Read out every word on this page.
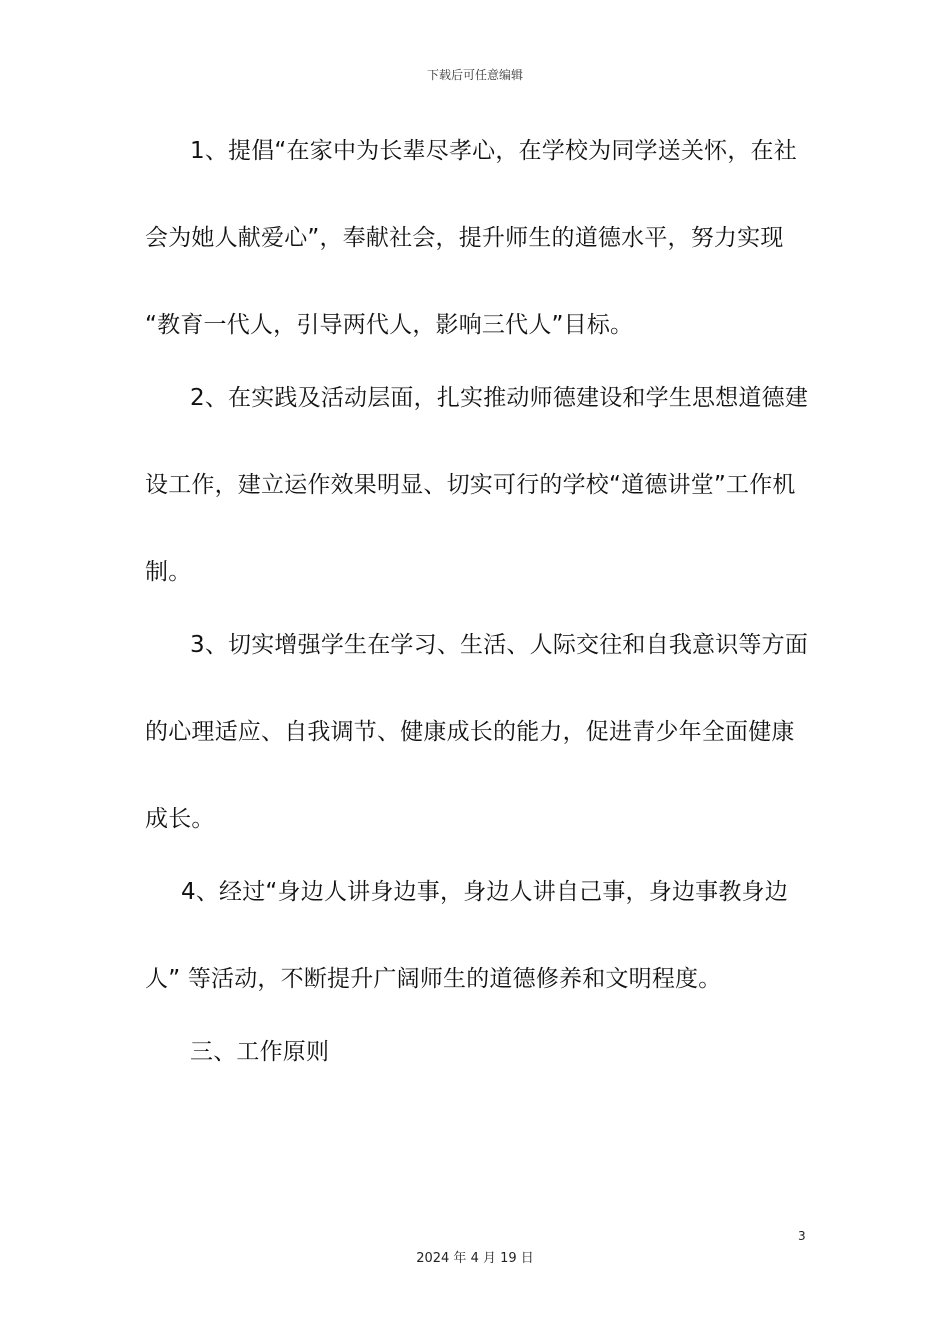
下载后可任意编辑
1、提倡“在家中为长辈尽孝心，在学校为同学送关怀，在社
会为她人献爱心”，奉献社会，提升师生的道德水平，努力实现
“教育一代人，引导两代人，影响三代人”目标。
2、在实践及活动层面，扎实推动师德建设和学生思想道德建
设工作，建立运作效果明显、切实可行的学校“道德讲堂”工作机
制。
3、切实增强学生在学习、生活、人际交往和自我意识等方面
的心理适应、自我调节、健康成长的能力，促进青少年全面健康
成长。
4、经过“身边人讲身边事，身边人讲自己事，身边事教身边
人” 等活动，不断提升广阔师生的道德修养和文明程度。
三、工作原则
3
2024 年 4 月 19 日
